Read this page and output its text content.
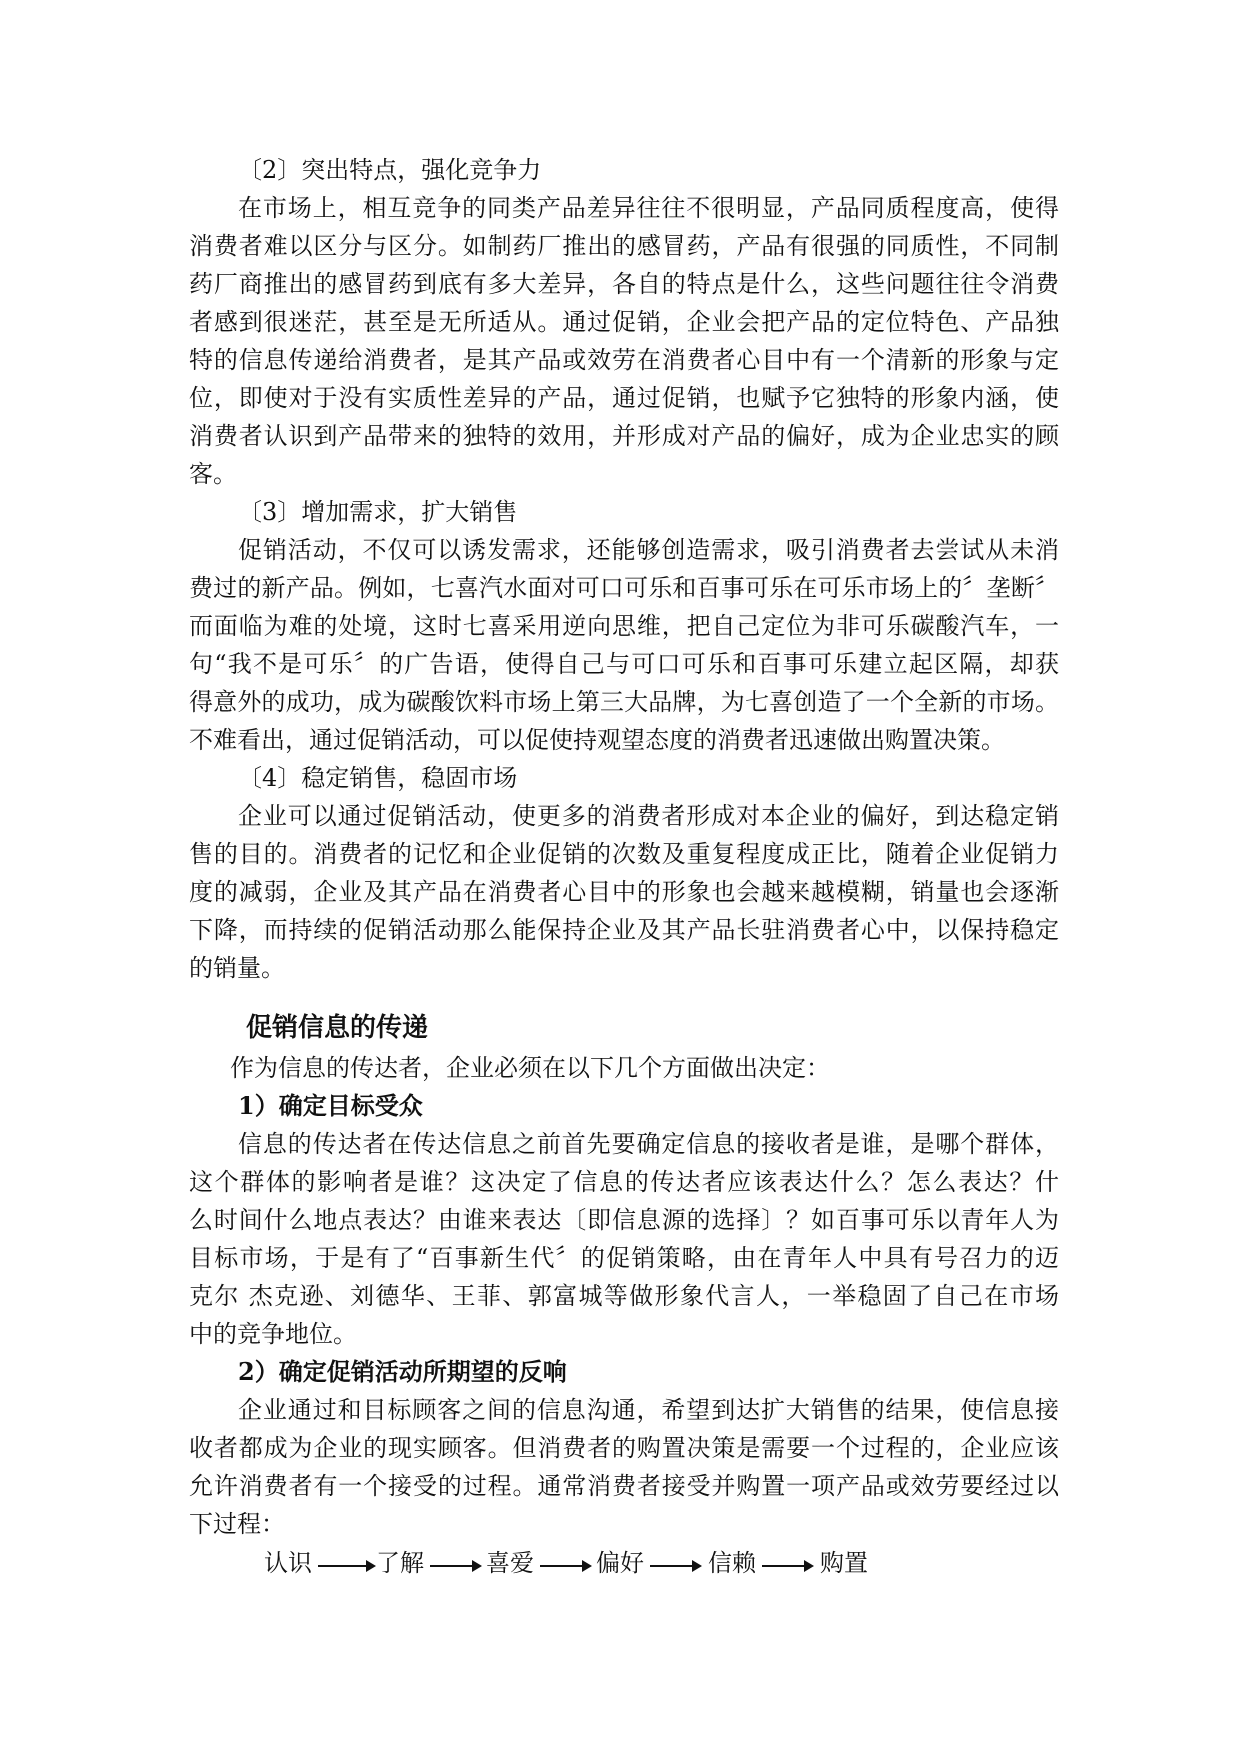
〔2〕突出特点，强化竞争力
在市场上，相互竞争的同类产品差异往往不很明显，产品同质程度高，使得
消费者难以区分与区分。如制药厂推出的感冒药，产品有很强的同质性，不同制
药厂商推出的感冒药到底有多大差异，各自的特点是什么，这些问题往往令消费
者感到很迷茫，甚至是无所适从。通过促销，企业会把产品的定位特色、产品独
特的信息传递给消费者，是其产品或效劳在消费者心目中有一个清新的形象与定
位，即使对于没有实质性差异的产品，通过促销，也赋予它独特的形象内涵，使
消费者认识到产品带来的独特的效用，并形成对产品的偏好，成为企业忠实的顾
客。
〔3〕增加需求，扩大销售
促销活动，不仅可以诱发需求，还能够创造需求，吸引消费者去尝试从未消
费过的新产品。例如，七喜汽水面对可口可乐和百事可乐在可乐市场上的〞垄断〞
而面临为难的处境，这时七喜采用逆向思维，把自己定位为非可乐碳酸汽车，一
句“我不是可乐〞的广告语，使得自己与可口可乐和百事可乐建立起区隔，却获
得意外的成功，成为碳酸饮料市场上第三大品牌，为七喜创造了一个全新的市场。
不难看出，通过促销活动，可以促使持观望态度的消费者迅速做出购置决策。
〔4〕稳定销售，稳固市场
企业可以通过促销活动，使更多的消费者形成对本企业的偏好，到达稳定销
售的目的。消费者的记忆和企业促销的次数及重复程度成正比，随着企业促销力
度的减弱，企业及其产品在消费者心目中的形象也会越来越模糊，销量也会逐渐
下降，而持续的促销活动那么能保持企业及其产品长驻消费者心中，以保持稳定
的销量。
促销信息的传递
作为信息的传达者，企业必须在以下几个方面做出决定：
1）确定目标受众
信息的传达者在传达信息之前首先要确定信息的接收者是谁，是哪个群体，
这个群体的影响者是谁？这决定了信息的传达者应该表达什么？怎么表达？什
么时间什么地点表达？由谁来表达〔即信息源的选择〕？如百事可乐以青年人为
目标市场，于是有了“百事新生代〞的促销策略，由在青年人中具有号召力的迈
克尔 杰克逊、刘德华、王菲、郭富城等做形象代言人，一举稳固了自己在市场
中的竞争地位。
2）确定促销活动所期望的反响
企业通过和目标顾客之间的信息沟通，希望到达扩大销售的结果，使信息接
收者都成为企业的现实顾客。但消费者的购置决策是需要一个过程的，企业应该
允许消费者有一个接受的过程。通常消费者接受并购置一项产品或效劳要经过以
下过程：
认识	了解	喜爱	偏好	信赖	购置
